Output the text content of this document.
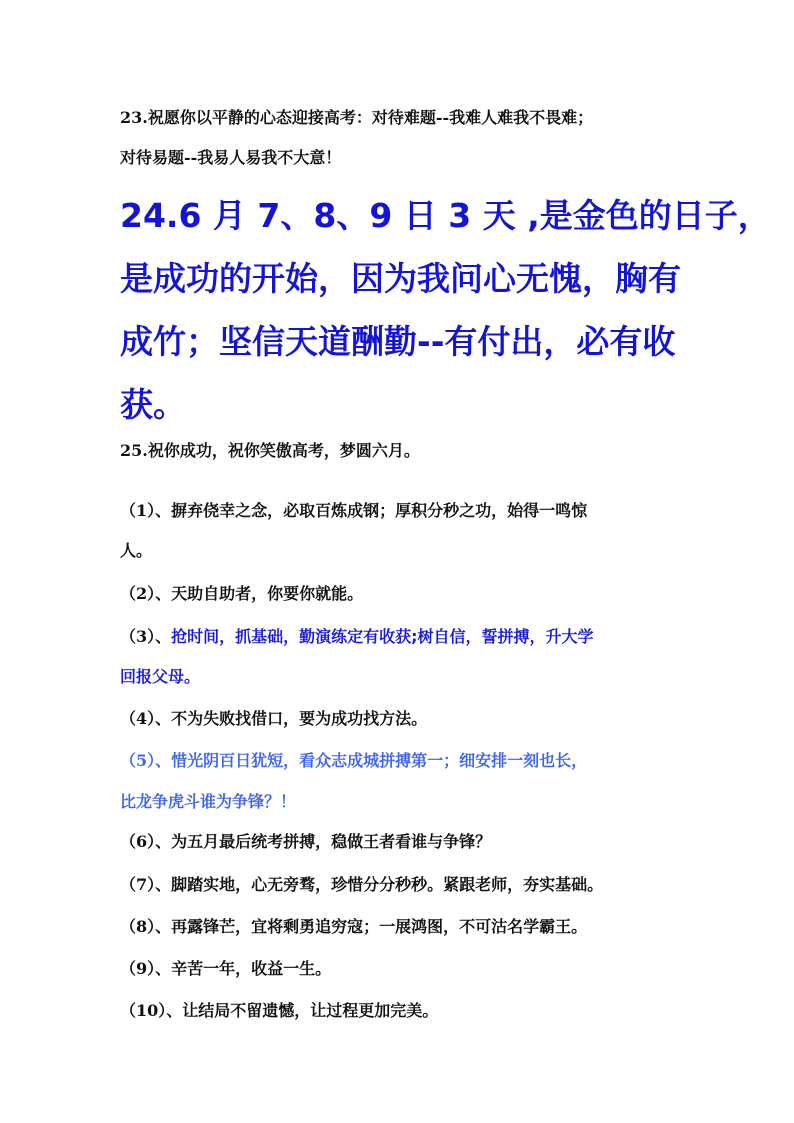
23.祝愿你以平静的心态迎接高考：对待难题--我难人难我不畏难；
对待易题--我易人易我不大意！
24.6 月 7、8、9 日 3 天 ,是金色的日子，
是成功的开始，因为我问心无愧，胸有
成竹；坚信天道酬勤--有付出，必有收
获。
25.祝你成功，祝你笑傲高考，梦圆六月。
（1）、摒弃侥幸之念，必取百炼成钢；厚积分秒之功，始得一鸣惊
人。
（2）、天助自助者，你要你就能。
（3）、抢时间，抓基础，勤演练定有收获;树自信，誓拼搏，升大学
回报父母。
（4）、不为失败找借口，要为成功找方法。
（5）、惜光阴百日犹短，看众志成城拼搏第一；细安排一刻也长，
比龙争虎斗谁为争锋？！
（6）、为五月最后统考拼搏，稳做王者看谁与争锋？
（7）、脚踏实地，心无旁骛，珍惜分分秒秒。紧跟老师，夯实基础。
（8）、再露锋芒，宜将剩勇追穷寇；一展鸿图，不可沽名学霸王。
（9）、辛苦一年，收益一生。
（10）、让结局不留遗憾，让过程更加完美。
